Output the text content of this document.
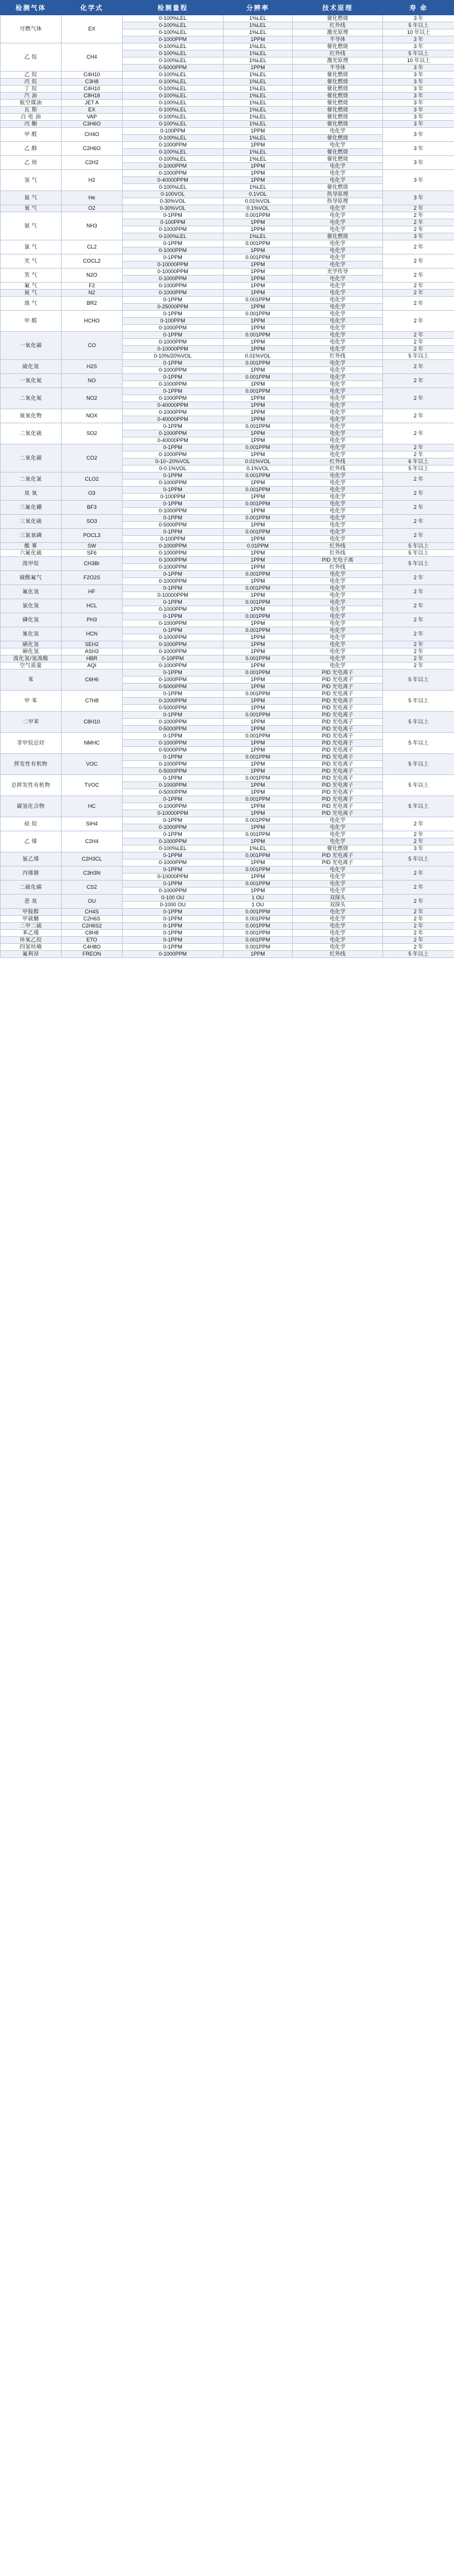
检测气体	化学式	检测量程	分辨率	技术原理	寿 命
可燃气体	EX	0-100%LEL	1%LEL	催化燃烧	3 年
		0-100%LEL	1%LEL	红外线	5 年以上
		0-100%LEL	1%LEL	激光原理	10 年以上
		0-1000PPM	1PPM	半导体	3 年
乙 烷	CH4	0-100%LEL	1%LEL	催化燃烧	3 年
		0-100%LEL	1%LEL	红外线	5 年以上
		0-100%LEL	1%LEL	激光原理	10 年以上
		0-5000PPM	1PPM	半导体	3 年
乙 烷	C4H10	0-100%LEL	1%LEL	催化燃烧	3 年
丙 烷	C3H8	0-100%LEL	1%LEL	催化燃烧	3 年
丁 烷	C4H10	0-100%LEL	1%LEL	催化燃烧	3 年
汽 油	C8H18	0-100%LEL	1%LEL	催化燃烧	3 年
航空煤油	JET A	0-100%LEL	1%LEL	催化燃烧	3 年
瓦 斯	EX	0-100%LEL	1%LEL	催化燃烧	3 年
白 电 油	VAP	0-100%LEL	1%LEL	催化燃烧	3 年
丙 酮	C3H6O	0-100%LEL	1%LEL	催化燃烧	3 年
甲 醛	CH4O	0-100PPM	1PPM	电化学	3 年
		0-100%LEL	1%LEL	催化燃烧	
乙 醇	C2H6O	0-1000PPM	1PPM	电化学	3 年
		0-100%LEL	1%LEL	催化燃烧	
乙 炔	C2H2	0-100%LEL	1%LEL	催化燃烧	3 年
		0-1000PPM	1PPM	电化学	
氢 气	H2	0-1000PPM	1PPM	电化学	3 年
		0-40000PPM	1PPM	电化学	
		0-100%LEL	1%LEL	催化燃烧	
氦 气	He	0-100VOL	0.1VOL	热导原理	3 年
		0-30%VOL	0.01%VOL	热导原理	
氧 气	O2	0-30%VOL	0.1%VOL	电化学	2 年
氨 气	NH3	0-1PPM	0.001PPM	电化学	2 年
		0-100PPM	1PPM	电化学	2 年
		0-1000PPM	1PPM	电化学	2 年
		0-100%LEL	1%LEL	催化燃烧	3 年
氯 气	CL2	0-1PPM	0.001PPM	电化学	2 年
		0-1000PPM	1PPM	电化学	
光 气	COCL2	0-1PPM	0.001PPM	电化学	2 年
		0-10000PPM	1PPM	电化学	
笑 气	N2O	0-10000PPM	1PPM	光学传导	2 年
		0-1000PPM	1PPM	电化学	
氟 气	F2	0-1000PPM	1PPM	电化学	2 年
氮 气	N2	0-1000PPM	1PPM	电化学	2 年
溴 气	BR2	0-1PPM	0.001PPM	电化学	2 年
		0-25000PPM	1PPM	电化学	
甲 醛	HCHO	0-1PPM	0.001PPM	电化学	2 年
		0-100PPM	1PPM	电化学	
		0-1000PPM	1PPM	电化学	
一氧化碳	CO	0-1PPM	0.001PPM	电化学	2 年
		0-1000PPM	1PPM	电化学	2 年
		0-10000PPM	1PPM	电化学	2 年
		0-10%/20%VOL	0.01%VOL	红外线	5 年以上
硫化氢	H2S	0-1PPM	0.001PPM	电化学	2 年
		0-1000PPM	1PPM	电化学	
一氧化氮	NO	0-1PPM	0.001PPM	电化学	2 年
		0-1000PPM	1PPM	电化学	
二氧化氮	NO2	0-1PPM	0.001PPM	电化学	2 年
		0-1000PPM	1PPM	电化学	
		0-40000PPM	1PPM	电化学	
氮氧化物	NOX	0-1000PPM	1PPM	电化学	2 年
		0-40000PPM	1PPM	电化学	
二氧化硫	SO2	0-1PPM	0.001PPM	电化学	2 年
		0-1000PPM	1PPM	电化学	
		0-40000PPM	1PPM	电化学	
二氧化碳	CO2	0-1PPM	0.001PPM	电化学	2 年
		0-1000PPM	1PPM	电化学	2 年
		0-10~20%VOL	0.01%VOL	红外线	6 年以上
		0-0.1%VOL	0.1%VOL	红外线	5 年以上
二氧化氯	CLO2	0-1PPM	0.001PPM	电化学	2 年
		0-1000PPM	1PPM	电化学	
臭 氧	O3	0-1PPM	0.001PPM	电化学	2 年
		0-100PPM	1PPM	电化学	
三氟化硼	BF3	0-1PPM	0.001PPM	电化学	2 年
		0-1000PPM	1PPM	电化学	
三氧化硫	SO3	0-1PPM	0.001PPM	电化学	2 年
		0-5000PPM	1PPM	电化学	
三氯氧磷	POCL3	0-1PPM	0.001PPM	电化学	2 年
		0-100PPM	1PPM	电化学	
酸 雾	SW	0-1000PPM	0.01PPM	红外线	5 年以上
六氟化硫	SF6	0-1000PPM	1PPM	红外线	5 年以上
溴甲烷	CH3Br	0-1000PPM	1PPM	PID 光电子离	5 年以上
		0-1000PPM	1PPM	红外线	
硫酰氟气	F2O2S	0-1PPM	0.001PPM	电化学	2 年
		0-1000PPM	1PPM	电化学	
氟化氢	HF	0-1PPM	0.001PPM	电化学	2 年
		0-10000PPM	1PPM	电化学	
氯化氢	HCL	0-1PPM	0.001PPM	电化学	2 年
		0-1000PPM	1PPM	电化学	
磷化氢	PH3	0-1PPM	0.001PPM	电化学	2 年
		0-1000PPM	1PPM	电化学	
氰化氢	HCN	0-1PPM	0.001PPM	电化学	2 年
		0-1000PPM	1PPM	电化学	
硒化氢	SEH2	0-1000PPM	1PPM	电化学	2 年
砷化氢	ASH3	0-1000PPM	1PPM	电化学	2 年
溴化氢/氢溴酸	HBR	0-10PPM	0.001PPM	电化学	2 年
空气质量	AQI	0-1000PPM	1PPM	电化学	2 年
苯	C6H6	0-1PPM	0.001PPM	PID 光电离子	5 年以上
		0-1000PPM	1PPM	PID 光电离子	
		0-5000PPM	1PPM	PID 光电离子	
甲 苯	C7H8	0-1PPM	0.001PPM	PID 光电离子	5 年以上
		0-1000PPM	1PPM	PID 光电离子	
		0-5000PPM	1PPM	PID 光电离子	
二甲苯	C8H10	0-1PPM	0.001PPM	PID 光电离子	5 年以上
		0-1000PPM	1PPM	PID 光电离子	
		0-5000PPM	1PPM	PID 光电离子	
非甲烷总烃	NMHC	0-1PPM	0.001PPM	PID 光电离子	5 年以上
		0-1000PPM	1PPM	PID 光电离子	
		0-5000PPM	1PPM	PID 光电离子	
挥发性有机物	VOC	0-1PPM	0.001PPM	PID 光电离子	5 年以上
		0-1000PPM	1PPM	PID 光电离子	
		0-5000PPM	1PPM	PID 光电离子	
总挥发性有机物	TVOC	0-1PPM	0.001PPM	PID 光电离子	5 年以上
		0-1000PPM	1PPM	PID 光电离子	
		0-5000PPM	1PPM	PID 光电离子	
碳氢化合物	HC	0-1PPM	0.001PPM	PID 光电离子	5 年以上
		0-1000PPM	1PPM	PID 光电离子	
		0-10000PPM	1PPM	PID 光电离子	
硅 烷	SIH4	0-1PPM	0.001PPM	电化学	2 年
		0-1000PPM	1PPM	电化学	
乙 烯	C2H4	0-1PPM	0.001PPM	电化学	2 年
		0-1000PPM	1PPM	电化学	2 年
		0-100%LEL	1%LEL	催化燃烧	3 年
氯乙烯	C2H3CL	0-1PPM	0.001PPM	PID 光电离子	5 年以上
		0-1000PPM	1PPM	PID 光电离子	
丙烯腈	C3H3N	0-1PPM	0.001PPM	电化学	2 年
		0-10000PPM	1PPM	电化学	
二硫化碳	CS2	0-1PPM	0.001PPM	电化学	2 年
		0-1000PPM	1PPM	电化学	
恶 臭	OU	0-100 OU	1 OU	双探头	2 年
		0-1000 OU	1 OU	双探头	
甲胺醇	CH4S	0-1PPM	0.001PPM	电化学	2 年
甲硫醚	C2H6S	0-1PPM	0.001PPM	电化学	2 年
二甲二硫	C2H6S2	0-1PPM	0.001PPM	电化学	2 年
苯乙烯	C8H8	0-1PPM	0.001PPM	电化学	2 年
环氧乙烷	ETO	0-1PPM	0.001PPM	电化学	2 年
四氢呋喃	C4H8O	0-1PPM	0.001PPM	电化学	2 年
氟利昂	FREON	0-1000PPM	1PPM	红外线	5 年以上
